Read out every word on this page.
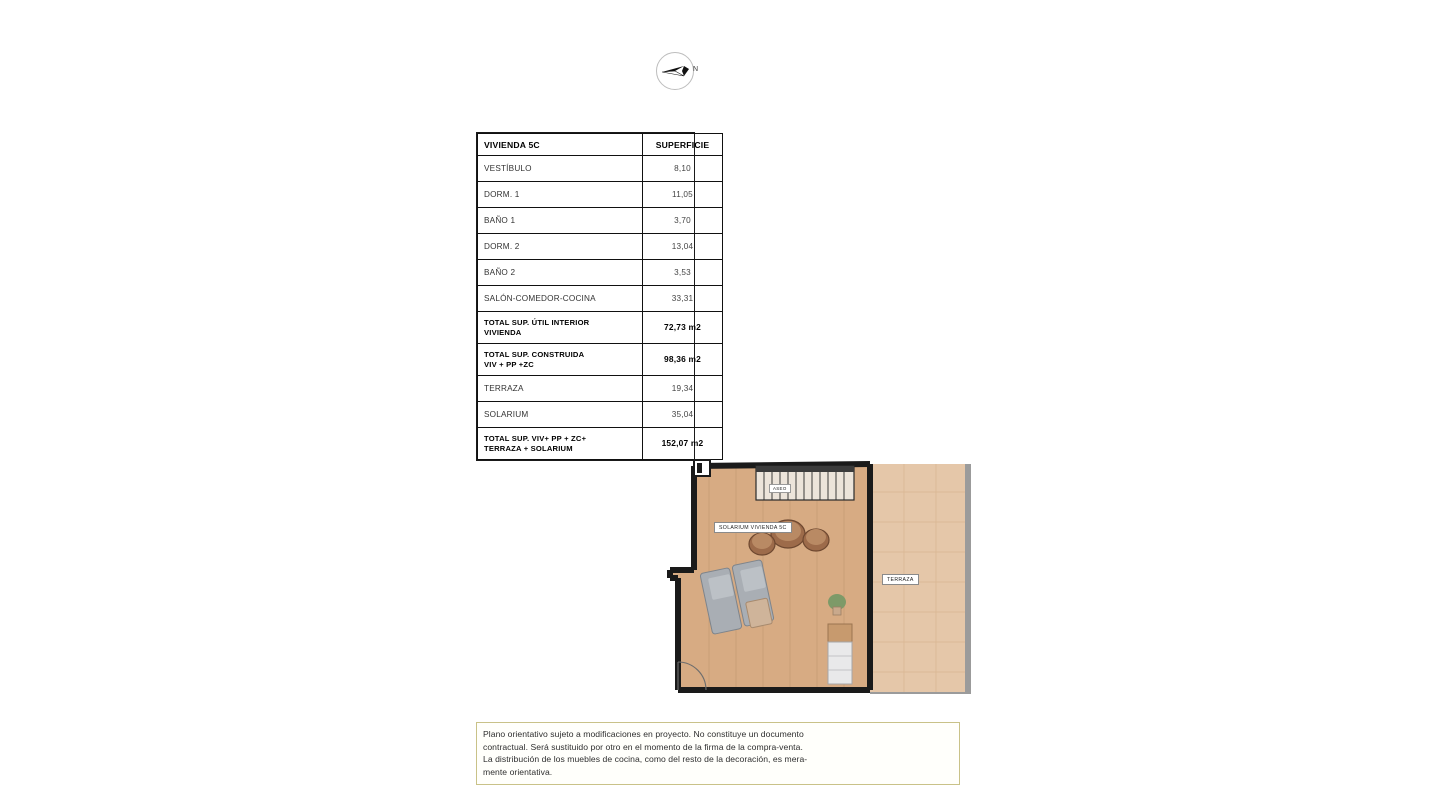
N
VIVIENDA 5C	SUPERFICIE
VESTÍBULO	8,10
DORM. 1	11,05
BAÑO 1	3,70
DORM. 2	13,04
BAÑO 2	3,53
SALÓN-COMEDOR-COCINA	33,31

TOTAL SUP. ÚTIL INTERIOR
VIVIENDA	72,73 m2

TOTAL SUP. CONSTRUIDA
VIV + PP +ZC	98,36 m2
TERRAZA	19,34
SOLARIUM	35,04

TOTAL SUP. VIV+ PP + ZC+
TERRAZA + SOLARIUM	152,07 m2
SOLARIUM VIVIENDA 5C
TERRAZA
ASEO

Plano orientativo sujeto a modificaciones en proyecto. No constituye un documento

contractual. Será sustituido por otro en el momento de la firma de la compra-venta.

La distribución de los muebles de cocina, como del resto de la decoración, es mera-

mente orientativa.
